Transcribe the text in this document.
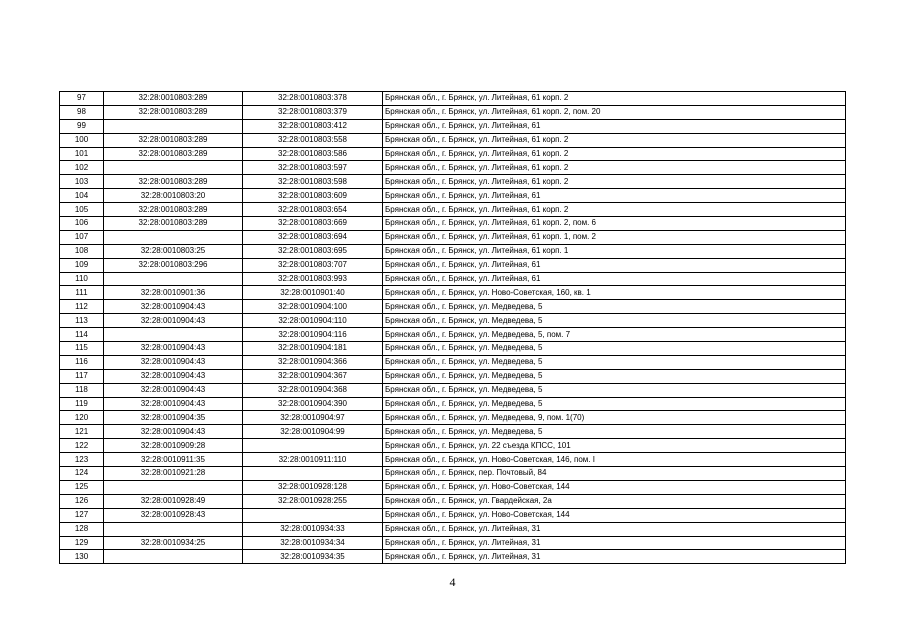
97	32:28:0010803:289	32:28:0010803:378	Брянская обл., г. Брянск, ул. Литейная, 61 корп. 2
98	32:28:0010803:289	32:28:0010803:379	Брянская обл., г. Брянск, ул. Литейная, 61 корп. 2, пом. 20
99		32:28:0010803:412	Брянская обл., г. Брянск, ул. Литейная, 61
100	32:28:0010803:289	32:28:0010803:558	Брянская обл., г. Брянск, ул. Литейная, 61 корп. 2
101	32:28:0010803:289	32:28:0010803:586	Брянская обл., г. Брянск, ул. Литейная, 61 корп. 2
102		32:28:0010803:597	Брянская обл., г. Брянск, ул. Литейная, 61 корп. 2
103	32:28:0010803:289	32:28:0010803:598	Брянская обл., г. Брянск, ул. Литейная, 61 корп. 2
104	32:28:0010803:20	32:28:0010803:609	Брянская обл., г. Брянск, ул. Литейная, 61
105	32:28:0010803:289	32:28:0010803:654	Брянская обл., г. Брянск, ул. Литейная, 61 корп. 2
106	32:28:0010803:289	32:28:0010803:669	Брянская обл., г. Брянск, ул. Литейная, 61 корп. 2, пом. 6
107		32:28:0010803:694	Брянская обл., г. Брянск, ул. Литейная, 61 корп. 1, пом. 2
108	32:28:0010803:25	32:28:0010803:695	Брянская обл., г. Брянск, ул. Литейная, 61 корп. 1
109	32:28:0010803:296	32:28:0010803:707	Брянская обл., г. Брянск, ул. Литейная, 61
110		32:28:0010803:993	Брянская обл., г. Брянск, ул. Литейная, 61
111	32:28:0010901:36	32:28:0010901:40	Брянская обл., г. Брянск, ул. Ново-Советская, 160, кв. 1
112	32:28:0010904:43	32:28:0010904:100	Брянская обл., г. Брянск, ул. Медведева, 5
113	32:28:0010904:43	32:28:0010904:110	Брянская обл., г. Брянск, ул. Медведева, 5
114		32:28:0010904:116	Брянская обл., г. Брянск, ул. Медведева, 5, пом. 7
115	32:28:0010904:43	32:28:0010904:181	Брянская обл., г. Брянск, ул. Медведева, 5
116	32:28:0010904:43	32:28:0010904:366	Брянская обл., г. Брянск, ул. Медведева, 5
117	32:28:0010904:43	32:28:0010904:367	Брянская обл., г. Брянск, ул. Медведева, 5
118	32:28:0010904:43	32:28:0010904:368	Брянская обл., г. Брянск, ул. Медведева, 5
119	32:28:0010904:43	32:28:0010904:390	Брянская обл., г. Брянск, ул. Медведева, 5
120	32:28:0010904:35	32:28:0010904:97	Брянская обл., г. Брянск, ул. Медведева, 9, пом. 1(70)
121	32:28:0010904:43	32:28:0010904:99	Брянская обл., г. Брянск, ул. Медведева, 5
122	32:28:0010909:28		Брянская обл., г. Брянск, ул. 22 съезда КПСС, 101
123	32:28:0010911:35	32:28:0010911:110	Брянская обл., г. Брянск, ул. Ново-Советская, 146, пом. I
124	32:28:0010921:28		Брянская обл., г. Брянск, пер. Почтовый, 84
125		32:28:0010928:128	Брянская обл., г. Брянск, ул. Ново-Советская, 144
126	32:28:0010928:49	32:28:0010928:255	Брянская обл., г. Брянск, ул. Гвардейская, 2а
127	32:28:0010928:43		Брянская обл., г. Брянск, ул. Ново-Советская, 144
128		32:28:0010934:33	Брянская обл., г. Брянск, ул. Литейная, 31
129	32:28:0010934:25	32:28:0010934:34	Брянская обл., г. Брянск, ул. Литейная, 31
130		32:28:0010934:35	Брянская обл., г. Брянск, ул. Литейная, 31
4
